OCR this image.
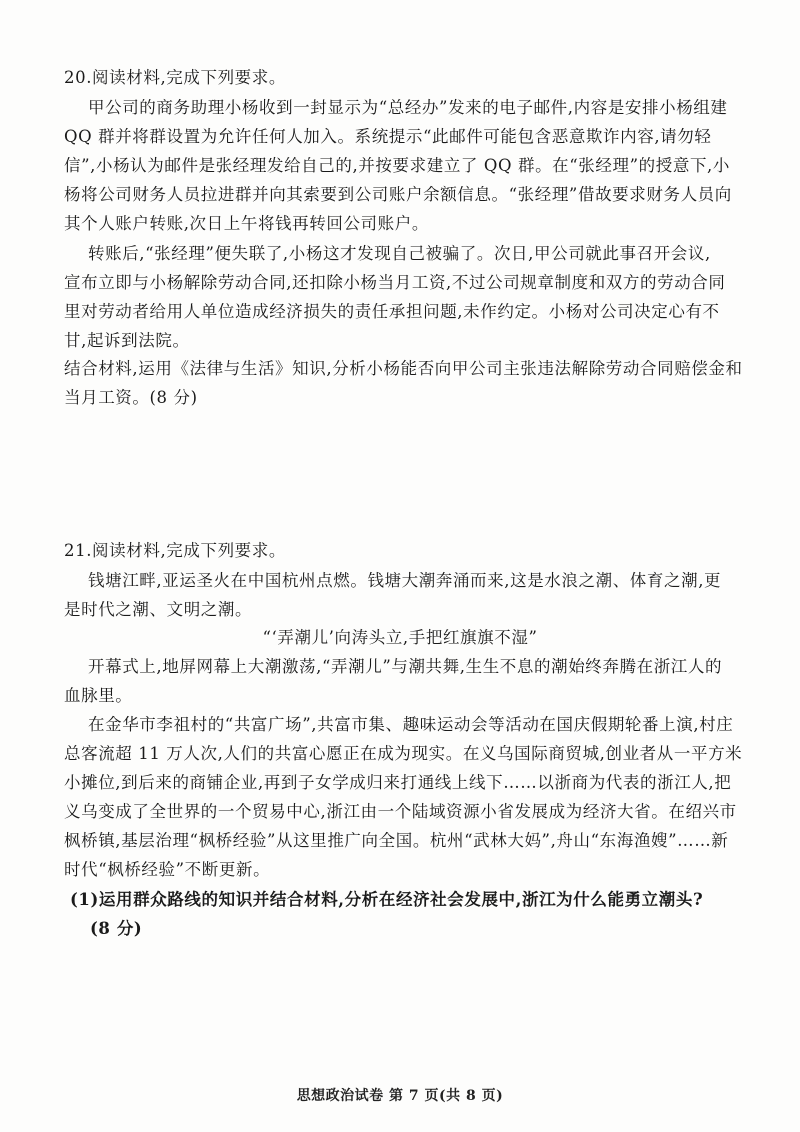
20.阅读材料,完成下列要求。
甲公司的商务助理小杨收到一封显示为“总经办”发来的电子邮件,内容是安排小杨组建
QQ 群并将群设置为允许任何人加入。系统提示“此邮件可能包含恶意欺诈内容,请勿轻
信”,小杨认为邮件是张经理发给自己的,并按要求建立了 QQ 群。在“张经理”的授意下,小
杨将公司财务人员拉进群并向其索要到公司账户余额信息。“张经理”借故要求财务人员向
其个人账户转账,次日上午将钱再转回公司账户。
转账后,“张经理”便失联了,小杨这才发现自己被骗了。次日,甲公司就此事召开会议,
宣布立即与小杨解除劳动合同,还扣除小杨当月工资,不过公司规章制度和双方的劳动合同
里对劳动者给用人单位造成经济损失的责任承担问题,未作约定。小杨对公司决定心有不
甘,起诉到法院。
结合材料,运用《法律与生活》知识,分析小杨能否向甲公司主张违法解除劳动合同赔偿金和
当月工资。(8 分)
21.阅读材料,完成下列要求。
钱塘江畔,亚运圣火在中国杭州点燃。钱塘大潮奔涌而来,这是水浪之潮、体育之潮,更
是时代之潮、文明之潮。
“‘弄潮儿’向涛头立,手把红旗旗不湿”
开幕式上,地屏网幕上大潮激荡,“弄潮儿”与潮共舞,生生不息的潮始终奔腾在浙江人的
血脉里。
在金华市李祖村的“共富广场”,共富市集、趣味运动会等活动在国庆假期轮番上演,村庄
总客流超 11 万人次,人们的共富心愿正在成为现实。在义乌国际商贸城,创业者从一平方米
小摊位,到后来的商铺企业,再到子女学成归来打通线上线下……以浙商为代表的浙江人,把
义乌变成了全世界的一个贸易中心,浙江由一个陆域资源小省发展成为经济大省。在绍兴市
枫桥镇,基层治理“枫桥经验”从这里推广向全国。杭州“武林大妈”,舟山“东海渔嫂”……新
时代“枫桥经验”不断更新。
(1)运用群众路线的知识并结合材料,分析在经济社会发展中,浙江为什么能勇立潮头?
(8 分)
思想政治试卷 第 7 页(共 8 页)
